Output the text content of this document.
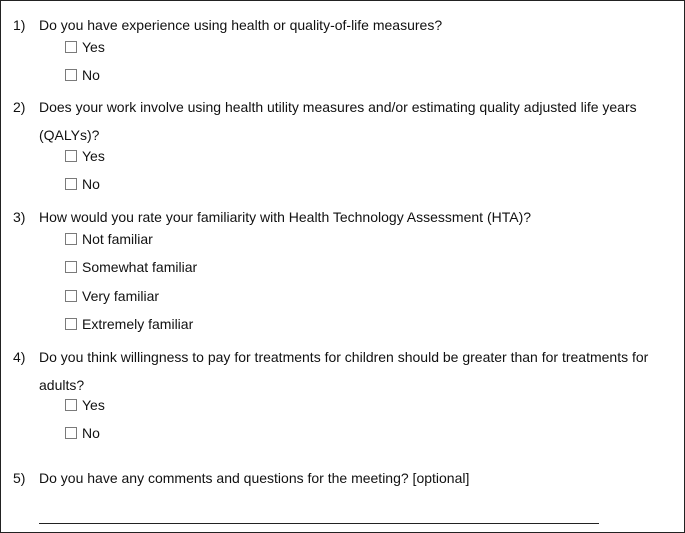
1) Do you have experience using health or quality-of-life measures?
Yes
No
2) Does your work involve using health utility measures and/or estimating quality adjusted life years (QALYs)?
Yes
No
3) How would you rate your familiarity with Health Technology Assessment (HTA)?
Not familiar
Somewhat familiar
Very familiar
Extremely familiar
4) Do you think willingness to pay for treatments for children should be greater than for treatments for adults?
Yes
No
5) Do you have any comments and questions for the meeting? [optional]
